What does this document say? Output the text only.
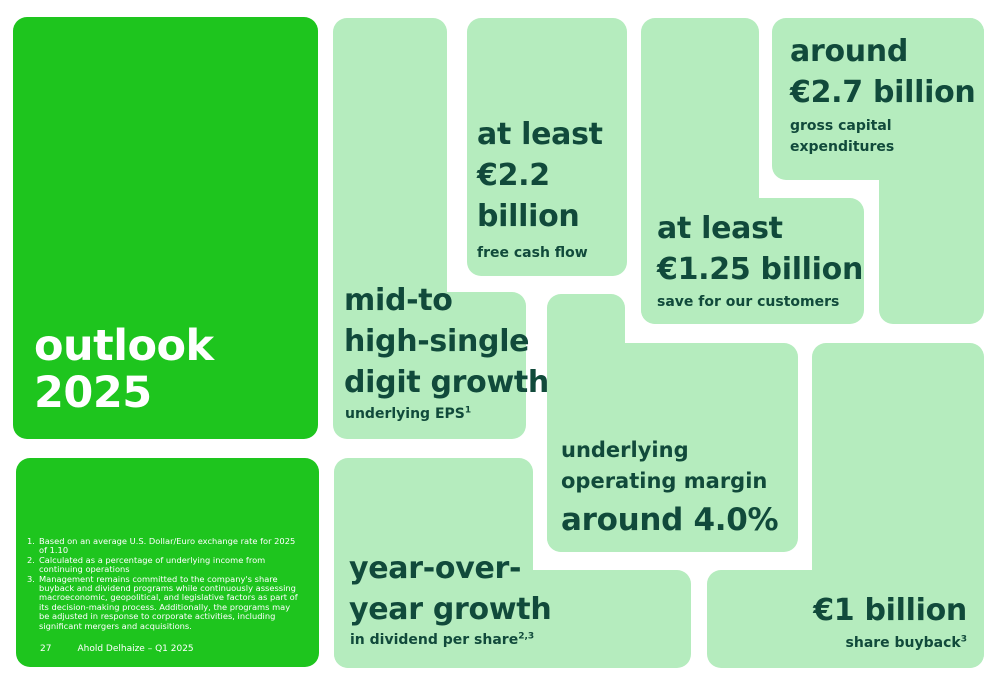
outlook
2025
1. Based on an average U.S. Dollar/Euro exchange rate for 2025 of 1.10
2. Calculated as a percentage of underlying income from continuing operations
3. Management remains committed to the company's share buyback and dividend programs while continuously assessing macroeconomic, geopolitical, and legislative factors as part of its decision-making process. Additionally, the programs may be adjusted in response to corporate activities, including significant mergers and acquisitions.
27	Ahold Delhaize – Q1 2025
mid-to
high-single
digit growth
underlying EPS$^1$
at least
€2.2
billion
free cash flow
at least
€1.25 billion
save for our customers
around
€2.7 billion
gross capital
expenditures
underlying
operating margin
around 4.0%
year-over-
year growth
in dividend per share$^{2,3}$
€1 billion
share buyback$^3$
